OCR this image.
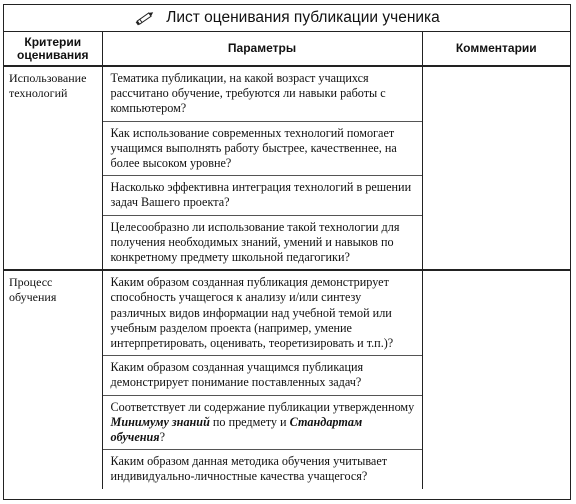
Лист оценивания публикации ученика
Критерии оценивания	Параметры	Комментарии

Использование технологий	Тематика публикации, на какой возраст учащихся рассчитано обучение, требуются ли навыки работы с компьютером?
Как использование современных технологий помогает учащимся выполнять работу быстрее, качественнее, на более высоком уровне?
Насколько эффективна интеграция технологий в решении задач Вашего проекта?
Целесообразно ли использование такой технологии для получения необходимых знаний, умений и навыков по конкретному предмету школьной педагогики?	

Процесс обучения	Каким образом созданная публикация демонстрирует способность учащегося к анализу и/или синтезу различных видов информации над учебной темой или учебным разделом проекта (например, умение интерпретировать, оценивать, теоретизировать и т.п.)?
Каким образом созданная учащимся публикация демонстрирует понимание поставленных задач?
Соответствует ли содержание публикации утвержденному Минимуму знаний по предмету и Стандартам обучения?
Каким образом данная методика обучения учитывает индивидуально-личностные качества учащегося?	
